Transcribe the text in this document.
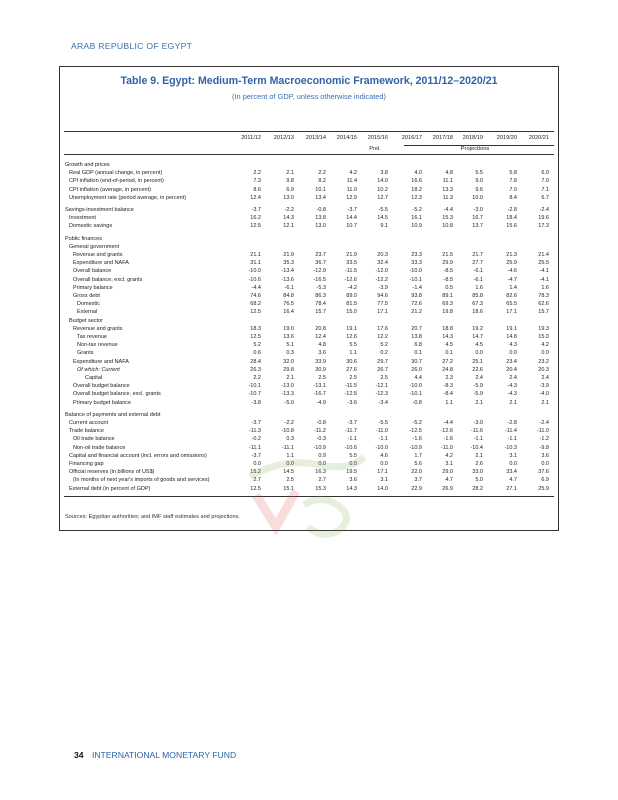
ARAB REPUBLIC OF EGYPT
Table 9. Egypt: Medium-Term Macroeconomic Framework, 2011/12–2020/21
(In percent of GDP, unless otherwise indicated)
2011/12	2012/13	2013/14	2014/15	2015/16	2016/17	2017/18	2018/19	2019/20	2020/21
Prel.	Projections
Growth and prices
Real GDP (annual change, in percent)	2.2	2.1	2.2	4.2	3.8	4.0	4.8	5.5	5.8	6.0
CPI inflation (end-of-period, in percent)	7.3	9.8	8.2	11.4	14.0	16.6	11.1	9.0	7.8	7.0
CPI inflation (average, in percent)	8.6	6.9	10.1	11.0	10.2	18.2	13.3	9.6	7.0	7.1
Unemployment rate (period average, in percent)	12.4	13.0	13.4	12.9	12.7	12.3	11.3	10.0	8.4	6.7
Savings-investment balance	-3.7	-2.2	-0.8	-3.7	-5.5	-5.2	-4.4	-3.0	-2.8	-2.4
Investment	16.2	14.3	13.8	14.4	14.5	16.1	15.3	16.7	18.4	19.6
Domestic savings	12.5	12.1	13.0	10.7	9.1	10.9	10.8	13.7	15.6	17.3
Public finances
General government
Revenue and grants	21.1	21.9	23.7	21.9	20.3	23.3	21.5	21.7	21.3	21.4
Expenditure and NAFA	31.1	35.3	36.7	33.5	32.4	33.3	29.9	27.7	25.9	25.5
Overall balance	-10.0	-13.4	-12.9	-11.5	-12.0	-10.0	-8.5	-6.1	-4.6	-4.1
Overall balance, excl. grants	-10.6	-13.6	-16.5	-12.6	-12.2	-10.1	-8.5	-6.1	-4.7	-4.1
Primary balance	-4.4	-6.1	-5.3	-4.2	-3.9	-1.4	0.5	1.6	1.4	1.6
Gross debt	74.6	84.8	86.3	89.0	94.6	93.8	89.1	85.8	82.6	78.3
Domestic	68.2	76.5	78.4	81.5	77.5	72.6	69.3	67.3	65.5	62.6
External	12.5	16.4	15.7	15.0	17.1	21.2	19.8	18.6	17.1	15.7
Budget sector
Revenue and grants	18.3	19.0	20.8	19.1	17.6	20.7	18.8	19.2	19.1	19.3
Tax revenue	12.5	13.6	12.4	12.6	12.2	13.8	14.3	14.7	14.8	15.0
Non-tax revenue	5.2	5.1	4.8	5.5	5.2	6.8	4.5	4.5	4.3	4.2
Grants	0.6	0.3	3.6	1.1	0.2	0.1	0.1	0.0	0.0	0.0
Expenditure and NAFA	28.4	32.0	33.9	30.6	29.7	30.7	27.2	25.1	23.4	23.2
Of which: Current	26.3	29.8	30.9	27.6	26.7	26.0	24.8	22.6	20.4	20.3
Capital	2.2	2.1	2.5	2.5	2.5	4.4	2.3	2.4	2.4	2.4
Overall budget balance	-10.1	-13.0	-13.1	-11.5	-12.1	-10.0	-8.3	-5.9	-4.3	-3.9
Overall budget balance, excl. grants	-10.7	-13.3	-16.7	-12.5	-12.3	-10.1	-8.4	-5.9	-4.3	-4.0
Primary budget balance	-3.8	-5.0	-4.9	-3.6	-3.4	-0.8	1.1	2.1	2.1	2.1
Balance of payments and external debt
Current account	-3.7	-2.2	-0.8	-3.7	-5.5	-5.2	-4.4	-3.0	-2.8	-2.4
Trade balance	-11.3	-10.8	-11.2	-11.7	-11.0	-12.5	-12.6	-11.6	-11.4	-11.0
Oil trade balance	-0.2	0.3	-0.3	-1.1	-1.1	-1.6	-1.6	-1.1	-1.1	-1.2
Non-oil trade balance	-11.1	-11.1	-10.9	-10.6	-10.0	-10.9	-11.0	-10.4	-10.3	-9.8
Capital and financial account (incl. errors and omissions)	-3.7	1.1	0.9	5.5	4.6	1.7	4.2	2.1	3.1	3.6
Financing gap	0.0	0.0	0.0	0.0	0.0	5.6	3.1	2.6	0.0	0.0
Official reserves (in billions of US$)	15.2	14.5	16.3	19.5	17.1	22.0	29.0	33.0	33.4	37.6
(In months of next year's imports of goods and services)	2.7	2.5	2.7	3.6	3.1	3.7	4.7	5.0	4.7	6.9
External debt (in percent of GDP)	12.5	15.1	15.3	14.3	14.0	22.9	26.9	28.2	27.1	25.9
Sources: Egyptian authorities; and IMF staff estimates and projections.
34 INTERNATIONAL MONETARY FUND
